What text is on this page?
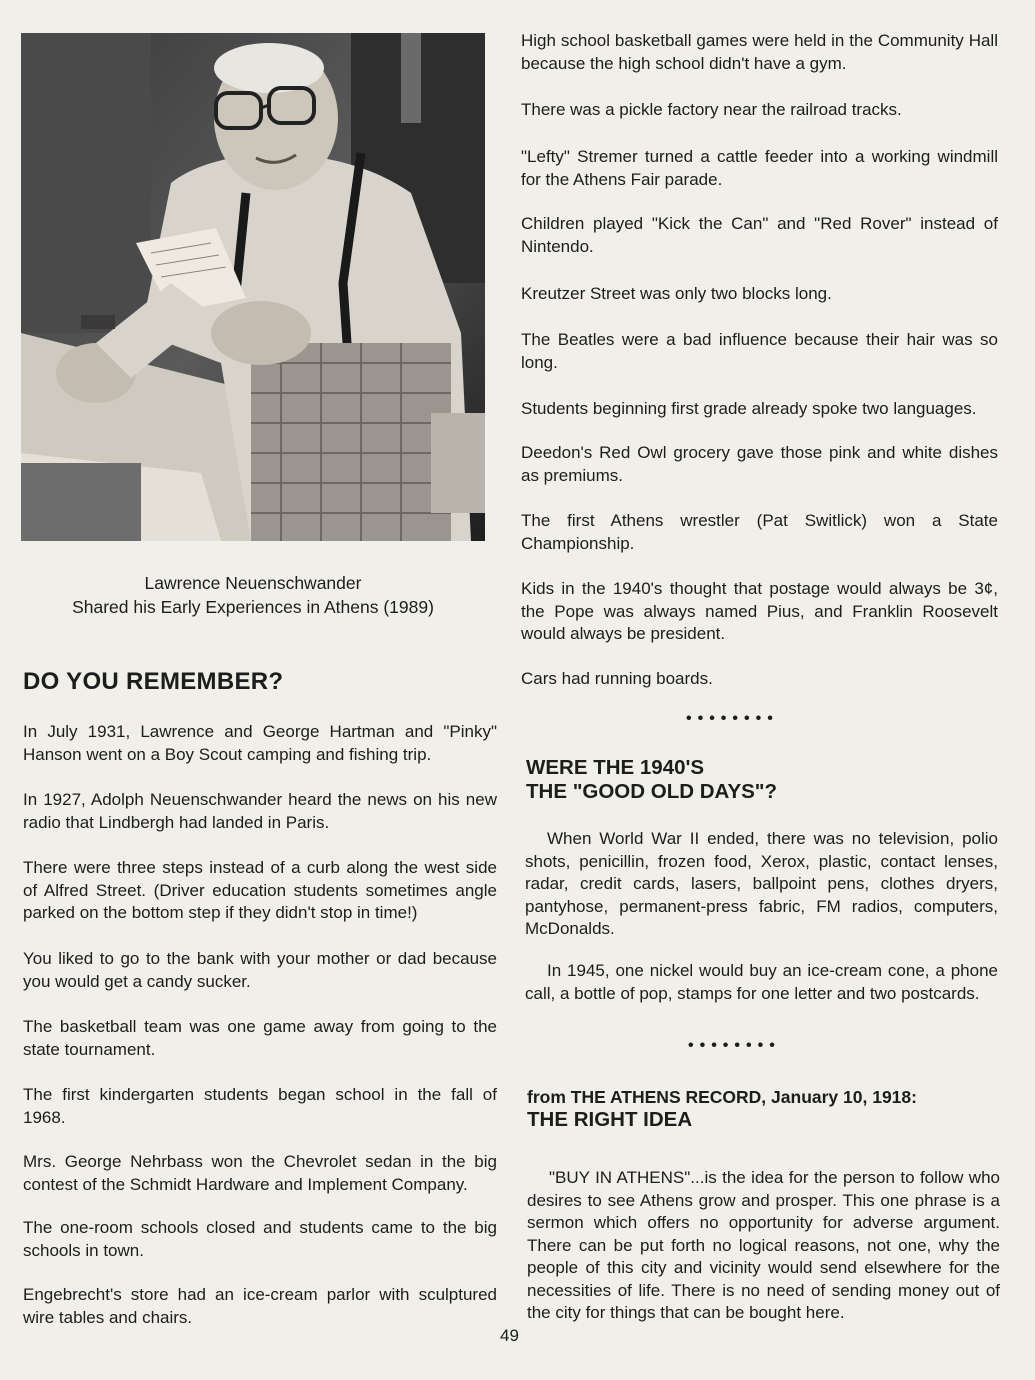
Lawrence Neuenschwander
Shared his Early Experiences in Athens (1989)
DO YOU REMEMBER?

In July 1931, Lawrence and George Hartman and "Pinky" Hanson went on a Boy Scout camping and fishing trip.

In 1927, Adolph Neuenschwander heard the news on his new radio that Lindbergh had landed in Paris.

There were three steps instead of a curb along the west side of Alfred Street. (Driver education students sometimes angle parked on the bottom step if they didn't stop in time!)

You liked to go to the bank with your mother or dad because you would get a candy sucker.

The basketball team was one game away from going to the state tournament.

The first kindergarten students began school in the fall of 1968.

Mrs. George Nehrbass won the Chevrolet sedan in the big contest of the Schmidt Hardware and Implement Company.

The one-room schools closed and students came to the big schools in town.

Engebrecht's store had an ice-cream parlor with sculptured wire tables and chairs.

High school basketball games were held in the Community Hall because the high school didn't have a gym.

There was a pickle factory near the railroad tracks.

"Lefty" Stremer turned a cattle feeder into a working windmill for the Athens Fair parade.

Children played "Kick the Can" and "Red Rover" instead of Nintendo.

Kreutzer Street was only two blocks long.

The Beatles were a bad influence because their hair was so long.

Students beginning first grade already spoke two languages.

Deedon's Red Owl grocery gave those pink and white dishes as premiums.

The first Athens wrestler (Pat Switlick) won a State Championship.

Kids in the 1940's thought that postage would always be 3¢, the Pope was always named Pius, and Franklin Roosevelt would always be president.

Cars had running boards.

••••••••
WERE THE 1940'S
THE "GOOD OLD DAYS"?

When World War II ended, there was no television, polio shots, penicillin, frozen food, Xerox, plastic, contact lenses, radar, credit cards, lasers, ballpoint pens, clothes dryers, pantyhose, permanent-press fabric, FM radios, computers, McDonalds.

In 1945, one nickel would buy an ice-cream cone, a phone call, a bottle of pop, stamps for one letter and two postcards.

••••••••
from THE ATHENS RECORD, January 10, 1918:
THE RIGHT IDEA

"BUY IN ATHENS"...is the idea for the person to follow who desires to see Athens grow and prosper. This one phrase is a sermon which offers no opportunity for adverse argument. There can be put forth no logical reasons, not one, why the people of this city and vicinity would send elsewhere for the necessities of life. There is no need of sending money out of the city for things that can be bought here.

49
